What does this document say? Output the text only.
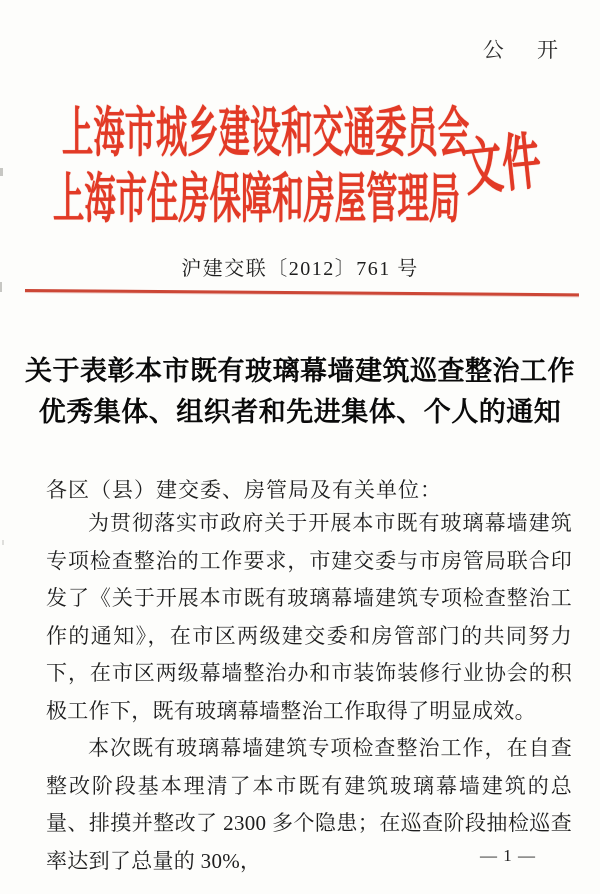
公 开
上海市城乡建设和交通委员会
上海市住房保障和房屋管理局 文件
沪建交联〔2012〕761 号
关于表彰本市既有玻璃幕墙建筑巡查整治工作
优秀集体、组织者和先进集体、个人的通知
各区（县）建交委、房管局及有关单位：

为贯彻落实市政府关于开展本市既有玻璃幕墙建筑专项检查整治的工作要求，市建交委与市房管局联合印发了《关于开展本市既有玻璃幕墙建筑专项检查整治工作的通知》，在市区两级建交委和房管部门的共同努力下，在市区两级幕墙整治办和市装饰装修行业协会的积极工作下，既有玻璃幕墙整治工作取得了明显成效。

本次既有玻璃幕墙建筑专项检查整治工作，在自查整改阶段基本理清了本市既有建筑玻璃幕墙建筑的总量、排摸并整改了 2300 多个隐患；在巡查阶段抽检巡查率达到了总量的 30%，	— 1 —
